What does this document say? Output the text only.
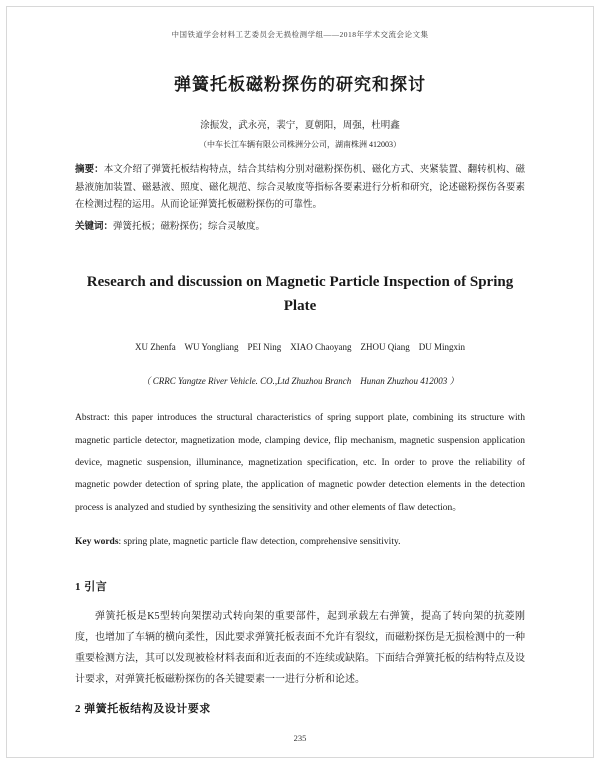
中国铁道学会材料工艺委员会无损检测学组——2018年学术交流会论文集
弹簧托板磁粉探伤的研究和探讨
涂振发，武永亮，裴宁，夏朝阳，周强，杜明鑫
（中车长江车辆有限公司株洲分公司，湖南株洲 412003）
摘要：本文介绍了弹簧托板结构特点，结合其结构分别对磁粉探伤机、磁化方式、夹紧装置、翻转机构、磁悬液施加装置、磁悬液、照度、磁化规范、综合灵敏度等指标各要素进行分析和研究，论述磁粉探伤各要素在检测过程的运用。从而论证弹簧托板磁粉探伤的可靠性。
关键词：弹簧托板；磁粉探伤；综合灵敏度。
Research and discussion on Magnetic Particle Inspection of Spring Plate
XU Zhenfa    WU Yongliang    PEI Ning    XIAO Chaoyang    ZHOU Qiang    DU Mingxin
（ CRRC Yangtze River Vehicle. CO.,Ltd Zhuzhou Branch    Hunan Zhuzhou 412003 ）
Abstract: this paper introduces the structural characteristics of spring support plate, combining its structure with magnetic particle detector, magnetization mode, clamping device, flip mechanism, magnetic suspension application device, magnetic suspension, illuminance, magnetization specification, etc. In order to prove the reliability of magnetic powder detection of spring plate, the application of magnetic powder detection elements in the detection process is analyzed and studied by synthesizing the sensitivity and other elements of flaw detection。
Key words: spring plate, magnetic particle flaw detection, comprehensive sensitivity.
1 引言
弹簧托板是K5型转向架摆动式转向架的重要部件，起到承载左右弹簧，提高了转向架的抗菱刚度，也增加了车辆的横向柔性，因此要求弹簧托板表面不允许有裂纹，而磁粉探伤是无损检测中的一种重要检测方法，其可以发现被检材料表面和近表面的不连续或缺陷。下面结合弹簧托板的结构特点及设计要求，对弹簧托板磁粉探伤的各关键要素一一进行分析和论述。
2 弹簧托板结构及设计要求
235
